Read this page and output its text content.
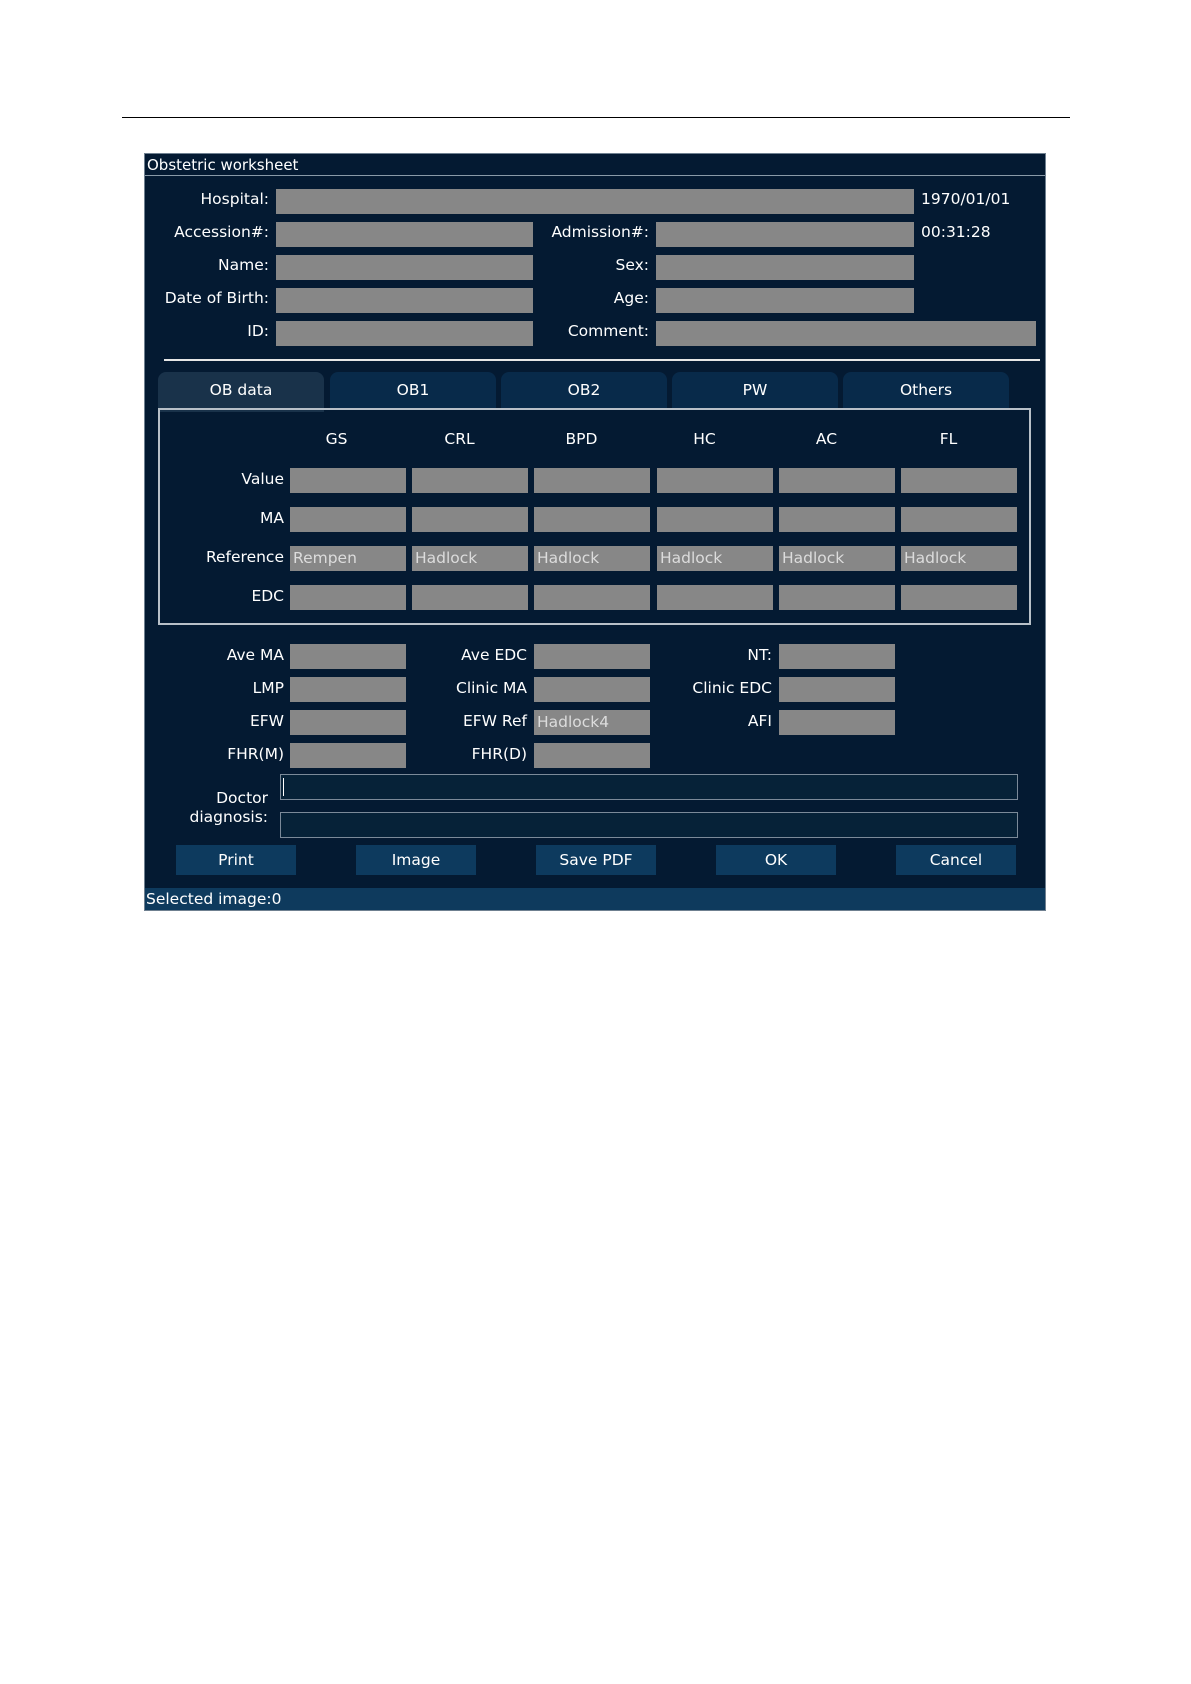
Obstetric worksheet
Hospital:	1970/01/01
Accession#:	Admission#:	00:31:28
Name:	Sex:
Date of Birth:	Age:
ID:	Comment:
OB data	OB1	OB2	PW	Others
GS	CRL	BPD	HC	AC	FL
Value
MA
Reference Rempen	Hadlock	Hadlock	Hadlock	Hadlock	Hadlock
EDC
Ave MA	Ave EDC	NT:
LMP	Clinic MA	Clinic EDC
EFW	EFW Ref Hadlock4	AFI
FHR(M)	FHR(D)
Doctor
diagnosis:
Print	Image	Save PDF	OK	Cancel
Selected image:0
